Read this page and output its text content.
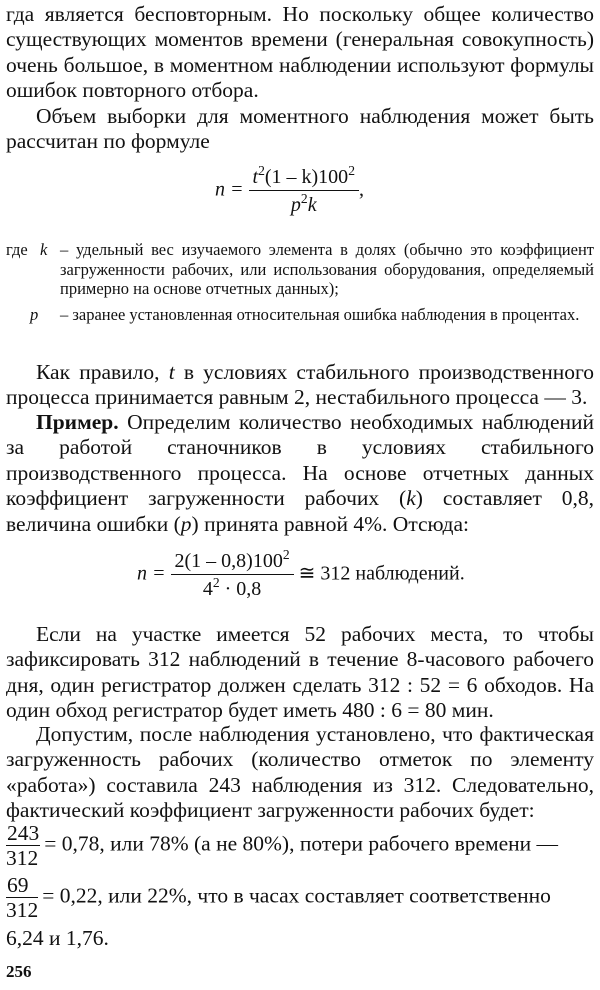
гда является бесповторным. Но поскольку общее количество существующих моментов времени (генеральная совокупность) очень большое, в моментном наблюдении используют формулы ошибок повторного отбора.
Объем выборки для моментного наблюдения может быть рассчитан по формуле
$n = \frac{t^2(1 - k)100^2}{p^2k}$ ,
где k – удельный вес изучаемого элемента в долях (обычно это коэффициент загруженности рабочих, или использования оборудования, определяемый примерно на основе отчетных данных);
p	– заранее установленная относительная ошибка наблюдения в процентах.
Как правило, t в условиях стабильного производственного процесса принимается равным 2, нестабильного процесса — 3.
Пример. Определим количество необходимых наблюдений за работой станочников в условиях стабильного производственного процесса. На основе отчетных данных коэффициент загруженности рабочих (k) составляет 0,8, величина ошибки (p) принята равной 4%. Отсюда:
$n = \frac{2(1 - 0,8)100^2}{4^2 \cdot 0,8}$ ≅ 312 наблюдений.
Если на участке имеется 52 рабочих места, то чтобы зафиксировать 312 наблюдений в течение 8-часового рабочего дня, один регистратор должен сделать 312 : 52 = 6 обходов. На один обход регистратор будет иметь 480 : 6 = 80 мин.
Допустим, после наблюдения установлено, что фактическая загруженность рабочих (количество отметок по элементу «работа») составила 243 наблюдения из 312. Следовательно, фактический коэффициент загруженности рабочих будет:
$\frac{243}{312} = 0,78$, или 78% (а не 80%), потери рабочего времени —
$\frac{69}{312} = 0,22$, или 22%, что в часах составляет соответственно
6,24 и 1,76.
256
